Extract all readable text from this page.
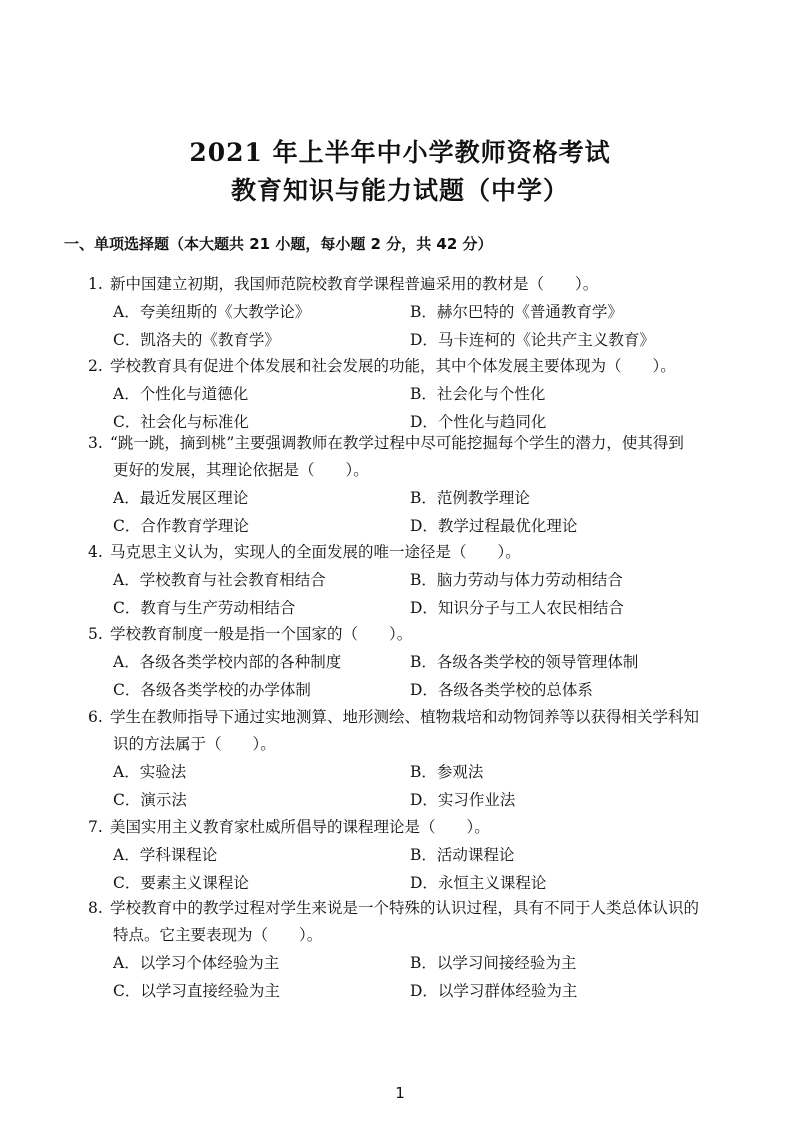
2021 年上半年中小学教师资格考试
教育知识与能力试题（中学）
一、单项选择题（本大题共 21 小题，每小题 2 分，共 42 分）
1. 新中国建立初期，我国师范院校教育学课程普遍采用的教材是（　　）。
A．夸美纽斯的《大教学论》	B．赫尔巴特的《普通教育学》
C．凯洛夫的《教育学》	D．马卡连柯的《论共产主义教育》
2. 学校教育具有促进个体发展和社会发展的功能，其中个体发展主要体现为（　　）。
A．个性化与道德化	B．社会化与个性化
C．社会化与标准化	D．个性化与趋同化
3. “跳一跳，摘到桃”主要强调教师在教学过程中尽可能挖掘每个学生的潜力，使其得到
更好的发展，其理论依据是（　　）。
A．最近发展区理论	B．范例教学理论
C．合作教育学理论	D．教学过程最优化理论
4. 马克思主义认为，实现人的全面发展的唯一途径是（　　）。
A．学校教育与社会教育相结合	B．脑力劳动与体力劳动相结合
C．教育与生产劳动相结合	D．知识分子与工人农民相结合
5. 学校教育制度一般是指一个国家的（　　）。
A．各级各类学校内部的各种制度	B．各级各类学校的领导管理体制
C．各级各类学校的办学体制	D．各级各类学校的总体系
6. 学生在教师指导下通过实地测算、地形测绘、植物栽培和动物饲养等以获得相关学科知
识的方法属于（　　）。
A．实验法	B．参观法
C．演示法	D．实习作业法
7. 美国实用主义教育家杜威所倡导的课程理论是（　　）。
A．学科课程论	B．活动课程论
C．要素主义课程论	D．永恒主义课程论
8. 学校教育中的教学过程对学生来说是一个特殊的认识过程，具有不同于人类总体认识的
特点。它主要表现为（　　）。
A．以学习个体经验为主	B．以学习间接经验为主
C．以学习直接经验为主	D．以学习群体经验为主
1
